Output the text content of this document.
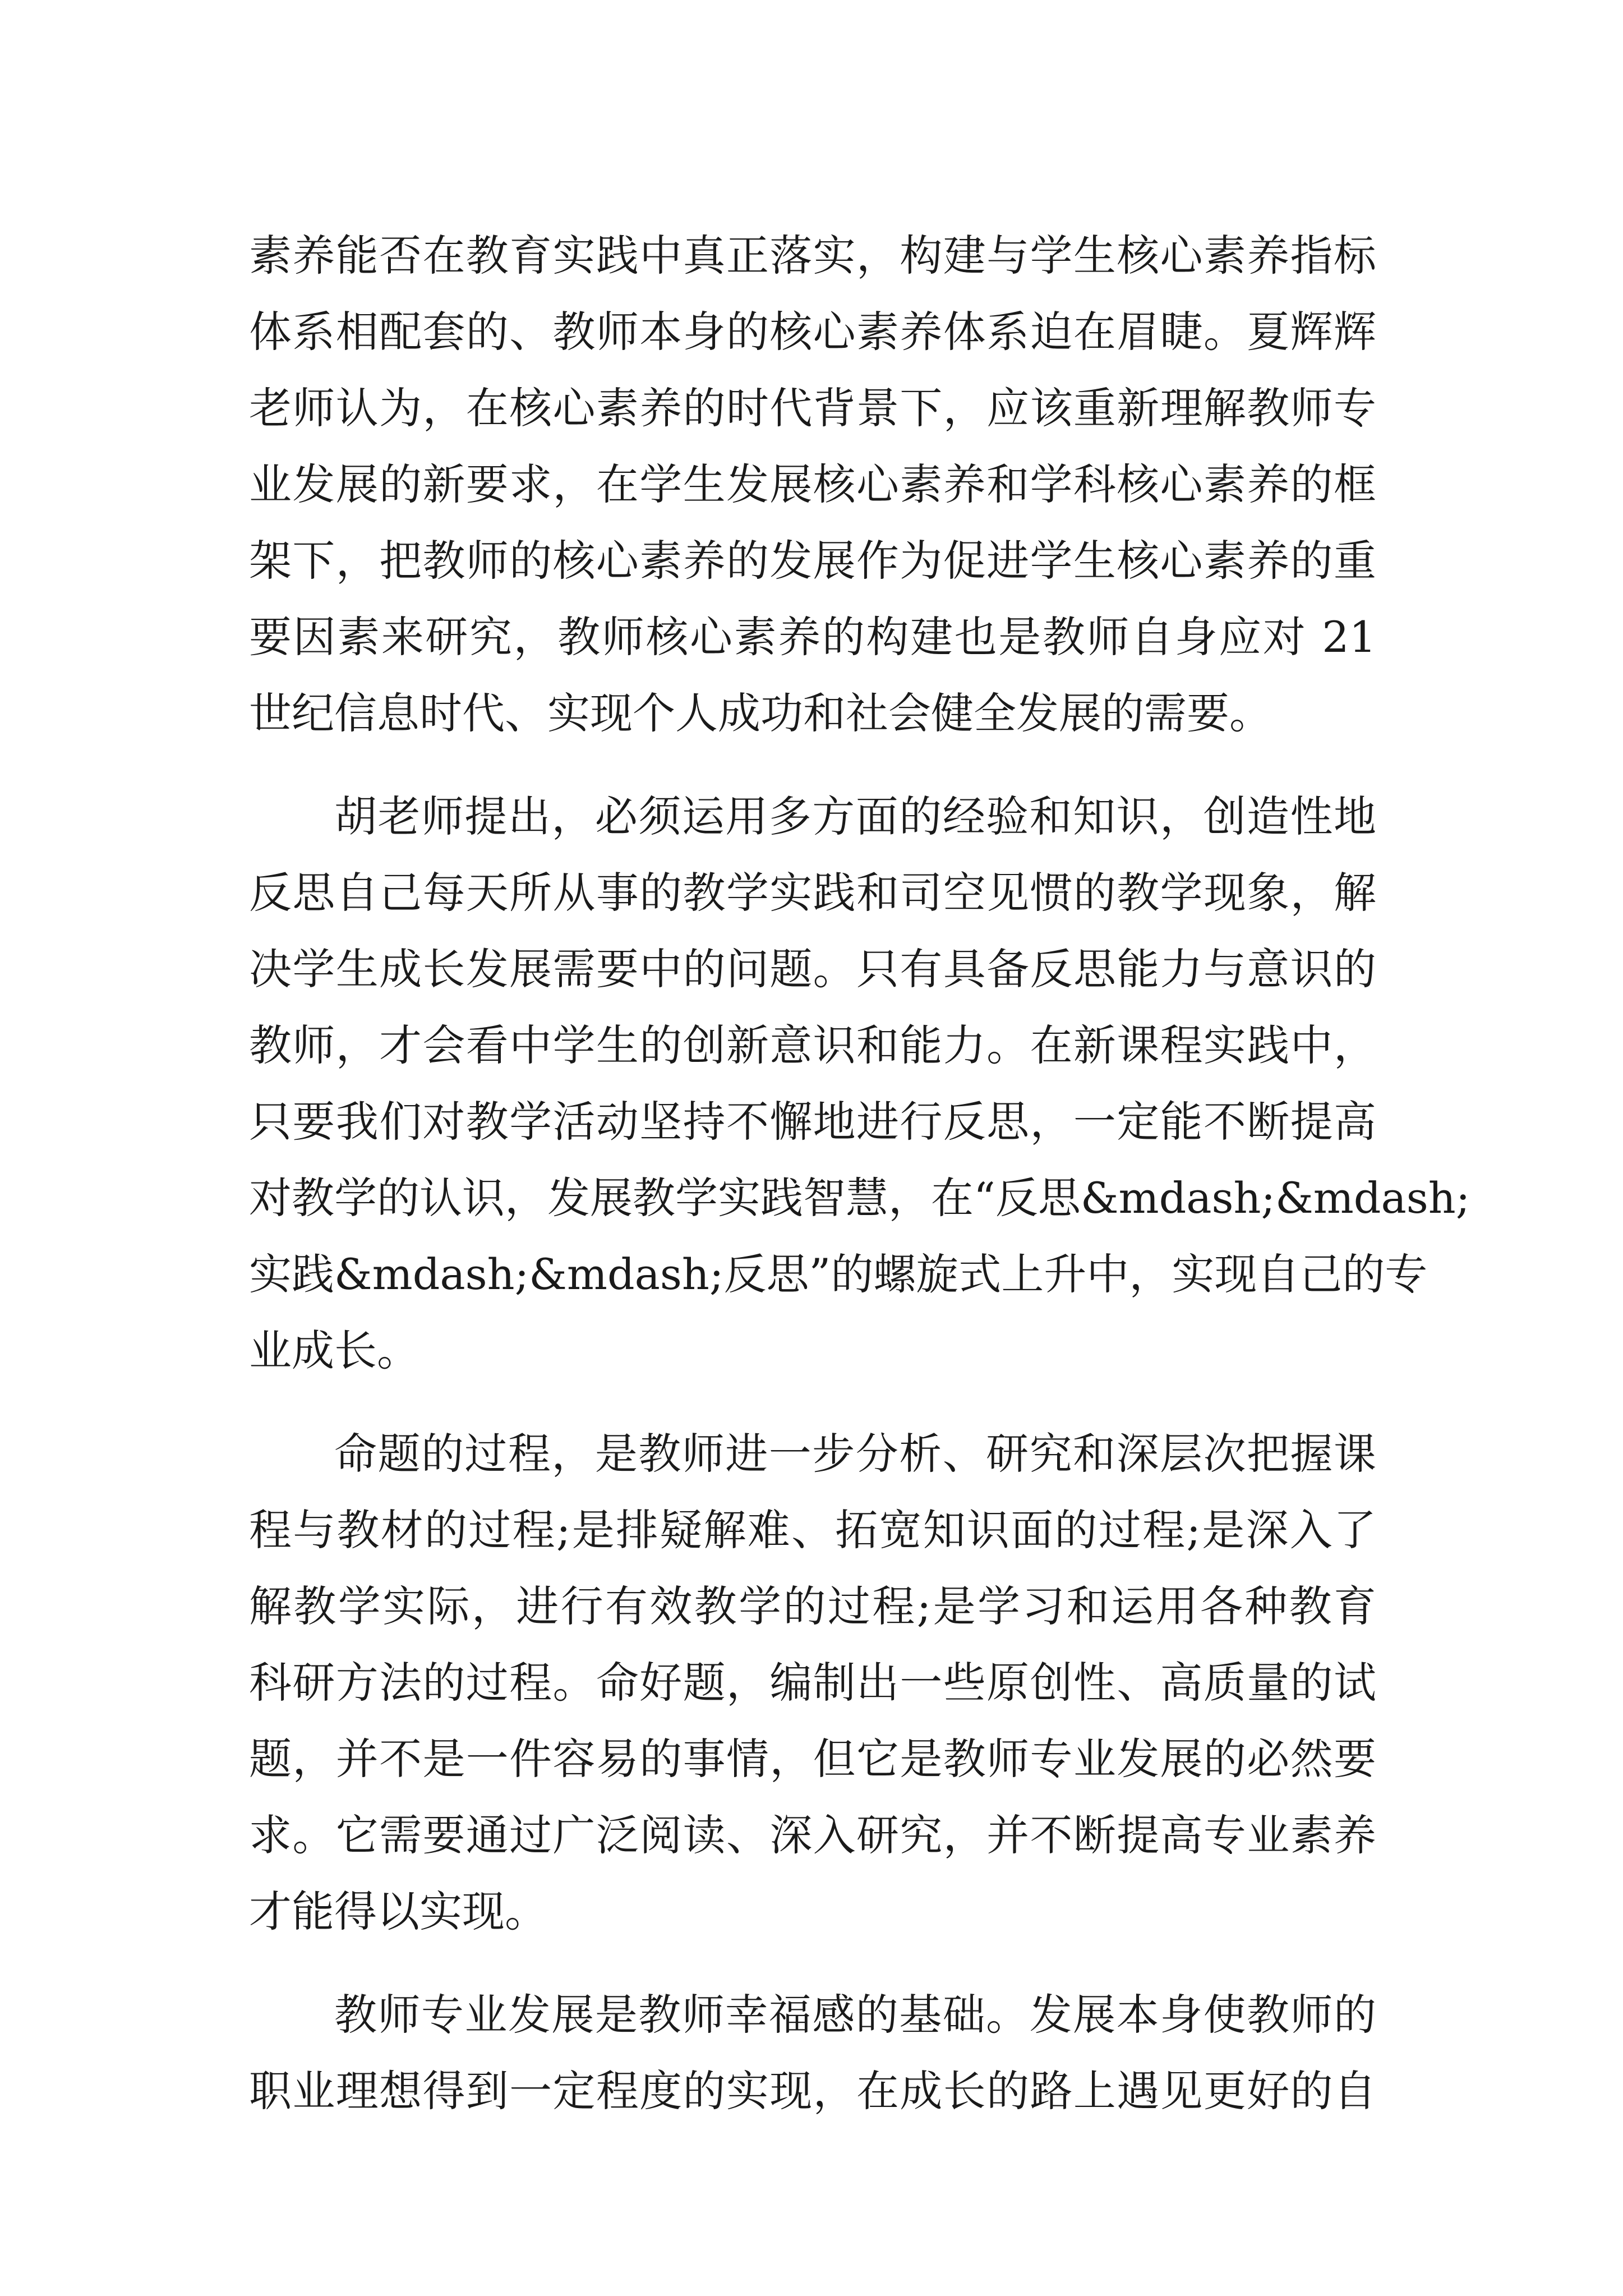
素养能否在教育实践中真正落实，构建与学生核心素养指标
体系相配套的、教师本身的核心素养体系迫在眉睫。夏辉辉
老师认为，在核心素养的时代背景下，应该重新理解教师专
业发展的新要求，在学生发展核心素养和学科核心素养的框
架下，把教师的核心素养的发展作为促进学生核心素养的重
要因素来研究，教师核心素养的构建也是教师自身应对 21
世纪信息时代、实现个人成功和社会健全发展的需要。
胡老师提出，必须运用多方面的经验和知识，创造性地
反思自己每天所从事的教学实践和司空见惯的教学现象，解
决学生成长发展需要中的问题。只有具备反思能力与意识的
教师，才会看中学生的创新意识和能力。在新课程实践中，
只要我们对教学活动坚持不懈地进行反思，一定能不断提高
对教学的认识，发展教学实践智慧，在“反思&mdash;&mdash;
实践&mdash;&mdash;反思”的螺旋式上升中，实现自己的专
业成长。
命题的过程，是教师进一步分析、研究和深层次把握课
程与教材的过程;是排疑解难、拓宽知识面的过程;是深入了
解教学实际，进行有效教学的过程;是学习和运用各种教育
科研方法的过程。命好题，编制出一些原创性、高质量的试
题，并不是一件容易的事情，但它是教师专业发展的必然要
求。它需要通过广泛阅读、深入研究，并不断提高专业素养
才能得以实现。
教师专业发展是教师幸福感的基础。发展本身使教师的
职业理想得到一定程度的实现，在成长的路上遇见更好的自
